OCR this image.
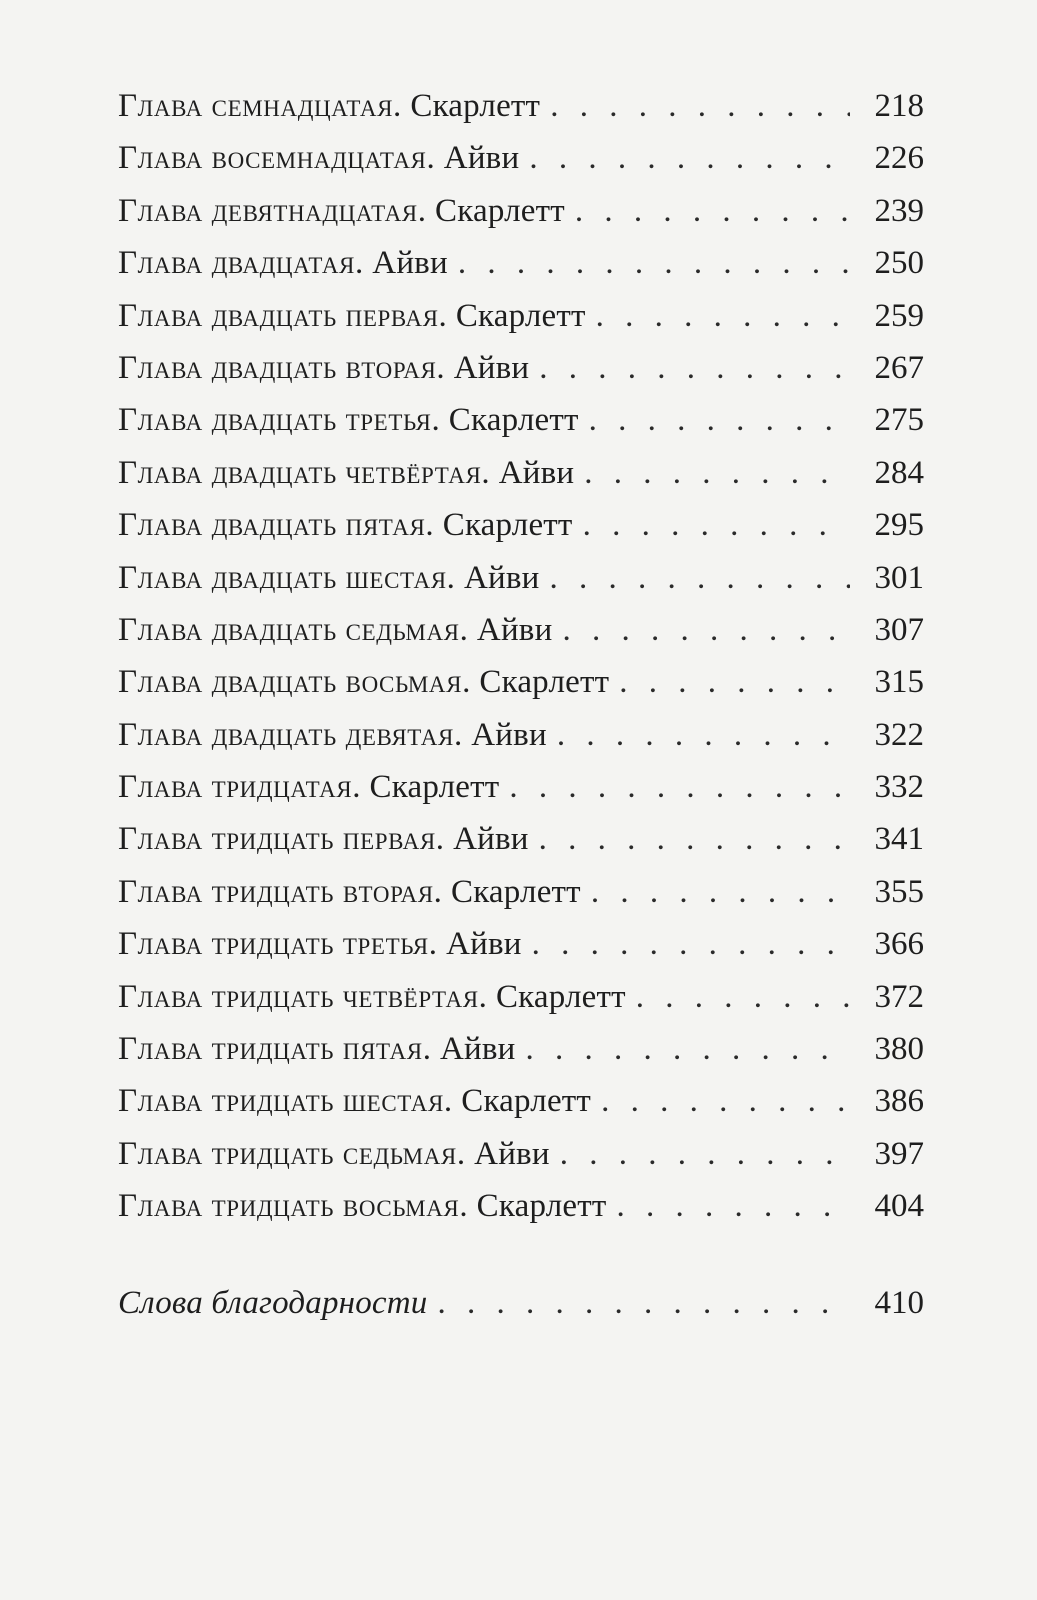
Глава семнадцатая. Скарлетт . . .	218
Глава восемнадцатая. Айви . . .	226
Глава девятнадцатая. Скарлетт . . .	239
Глава двадцатая. Айви . . .	250
Глава двадцать первая. Скарлетт . . .	259
Глава двадцать вторая. Айви . . .	267
Глава двадцать третья. Скарлетт . . .	275
Глава двадцать четвёртая. Айви . . .	284
Глава двадцать пятая. Скарлетт . . .	295
Глава двадцать шестая. Айви . . .	301
Глава двадцать седьмая. Айви . . .	307
Глава двадцать восьмая. Скарлетт . . .	315
Глава двадцать девятая. Айви . . .	322
Глава тридцатая. Скарлетт . . .	332
Глава тридцать первая. Айви . . .	341
Глава тридцать вторая. Скарлетт . . .	355
Глава тридцать третья. Айви . . .	366
Глава тридцать четвёртая. Скарлетт . . .	372
Глава тридцать пятая. Айви . . .	380
Глава тридцать шестая. Скарлетт . . .	386
Глава тридцать седьмая. Айви . . .	397
Глава тридцать восьмая. Скарлетт . . .	404
Слова благодарности . . .	410
